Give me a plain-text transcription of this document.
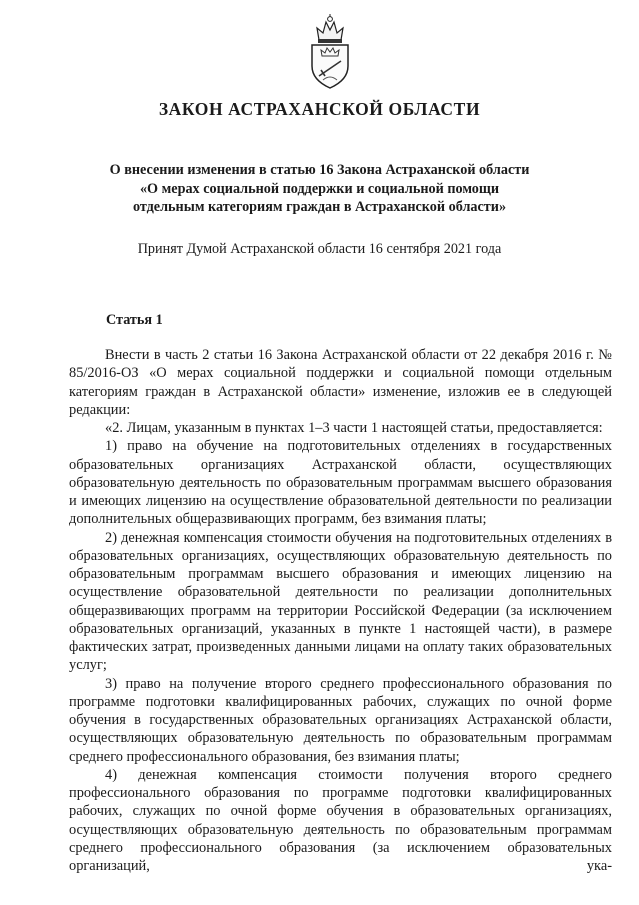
ЗАКОН АСТРАХАНСКОЙ ОБЛАСТИ
О внесении изменения в статью 16 Закона Астраханской области
«О мерах социальной поддержки и социальной помощи
отдельным категориям граждан в Астраханской области»
Принят Думой Астраханской области 16 сентября 2021 года
Статья 1

Внести в часть 2 статьи 16 Закона Астраханской области от 22 декабря 2016 г. № 85/2016-ОЗ «О мерах социальной поддержки и социальной помощи отдельным категориям граждан в Астраханской области» изменение, изложив ее в следующей редакции:

«2. Лицам, указанным в пунктах 1–3 части 1 настоящей статьи, предоставляется:

1) право на обучение на подготовительных отделениях в государственных образовательных организациях Астраханской области, осуществляющих образовательную деятельность по образовательным программам высшего образования и имеющих лицензию на осуществление образовательной деятельности по реализации дополнительных общеразвивающих программ, без взимания платы;

2) денежная компенсация стоимости обучения на подготовительных отделениях в образовательных организациях, осуществляющих образовательную деятельность по образовательным программам высшего образования и имеющих лицензию на осуществление образовательной деятельности по реализации дополнительных общеразвивающих программ на территории Российской Федерации (за исключением образовательных организаций, указанных в пункте 1 настоящей части), в размере фактических затрат, произведенных данными лицами на оплату таких образовательных услуг;

3) право на получение второго среднего профессионального образования по программе подготовки квалифицированных рабочих, служащих по очной форме обучения в государственных образовательных организациях Астраханской области, осуществляющих образовательную деятельность по образовательным программам среднего профессионального образования, без взимания платы;

4) денежная компенсация стоимости получения второго среднего профессионального образования по программе подготовки квалифицированных рабочих, служащих по очной форме обучения в образовательных организациях, осуществляющих образовательную деятельность по образовательным программам среднего профессионального образования (за исключением образовательных организаций, ука-
